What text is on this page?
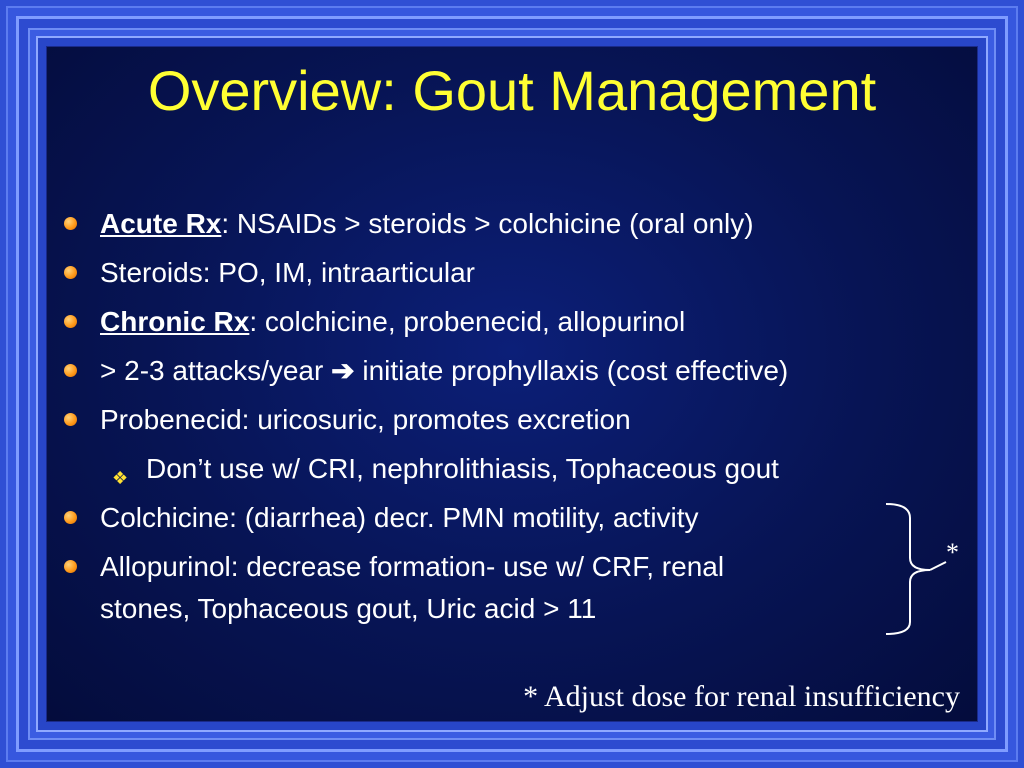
Overview: Gout Management
Acute Rx: NSAIDs > steroids > colchicine (oral only)
Steroids: PO, IM, intraarticular
Chronic Rx: colchicine, probenecid, allopurinol
> 2-3 attacks/year ➔ initiate prophyllaxis (cost effective)
Probenecid: uricosuric, promotes excretion
❖ Don’t use w/ CRI, nephrolithiasis, Tophaceous gout
Colchicine: (diarrhea) decr. PMN motility, activity
Allopurinol: decrease formation- use w/ CRF, renal
stones, Tophaceous gout, Uric acid > 11
*
* Adjust dose for renal insufficiency
